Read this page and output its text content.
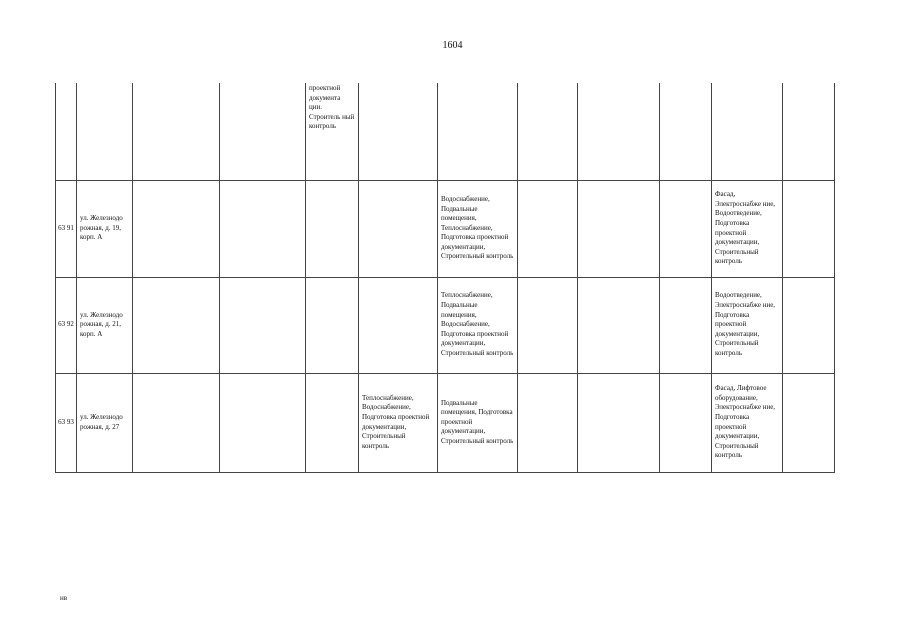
1604
				проектной документа ции. Строитель ный контроль							
63 91	ул. Железнодо рожная, д. 19, корп. А					Водоснабжение, Подвальные помещения, Теплоснабжение, Подготовка проектной документации, Строительный контроль				Фасад, Электроснабже ние, Водоотведение, Подготовка проектной документации, Строительный контроль	
63 92	ул. Железнодо рожная, д. 21, корп. А					Теплоснабжение, Подвальные помещения, Водоснабжение, Подготовка проектной документации, Строительный контроль				Водоотведение, Электроснабже ние, Подготовка проектной документации, Строительный контроль	
63 93	ул. Железнодо рожная, д. 27				Теплоснабжение, Водоснабжение, Подготовка проектной документации, Строительный контроль	Подвальные помещения, Подготовка проектной документации, Строительный контроль				Фасад, Лифтовое оборудование, Электроснабже ние, Подготовка проектной документации, Строительный контроль	
нв
